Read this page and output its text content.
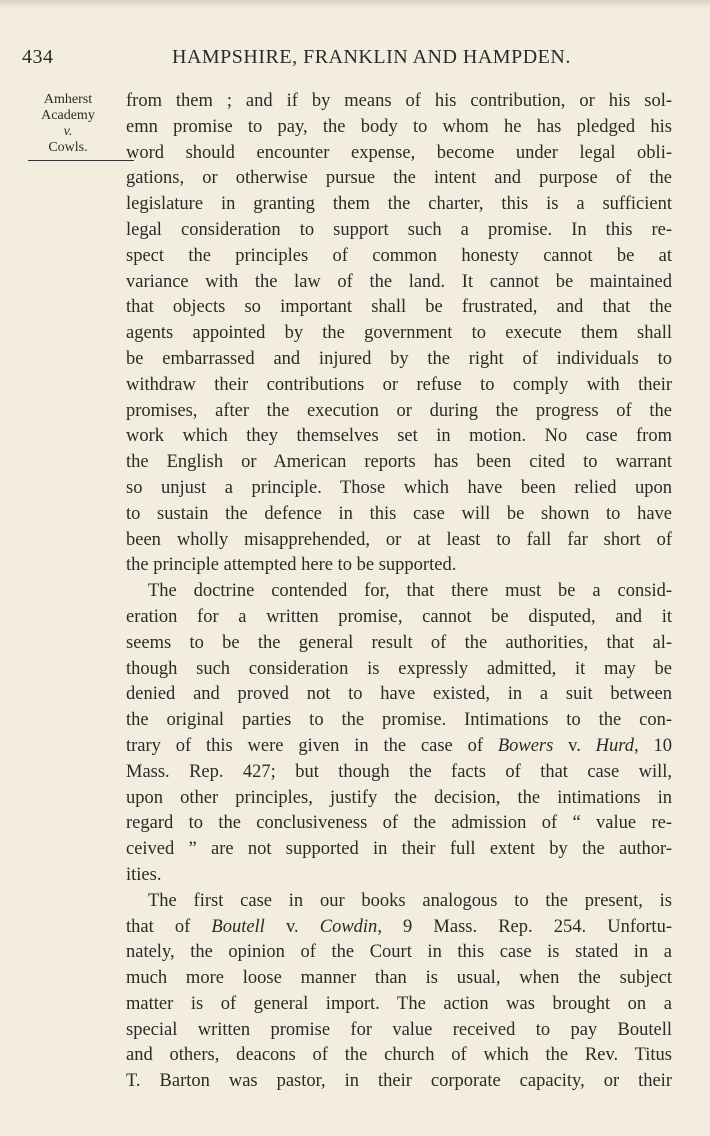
434	HAMPSHIRE, FRANKLIN AND HAMPDEN.
Amherst
Academy
v.
Cowls.
from them ; and if by means of his contribution, or his sol-
emn promise to pay, the body to whom he has pledged his
word should encounter expense, become under legal obli-
gations, or otherwise pursue the intent and purpose of the
legislature in granting them the charter, this is a sufficient
legal consideration to support such a promise. In this re-
spect the principles of common honesty cannot be at
variance with the law of the land. It cannot be maintained
that objects so important shall be frustrated, and that the
agents appointed by the government to execute them shall
be embarrassed and injured by the right of individuals to
withdraw their contributions or refuse to comply with their
promises, after the execution or during the progress of the
work which they themselves set in motion. No case from
the English or American reports has been cited to warrant
so unjust a principle. Those which have been relied upon
to sustain the defence in this case will be shown to have
been wholly misapprehended, or at least to fall far short of
the principle attempted here to be supported.
The doctrine contended for, that there must be a consid-
eration for a written promise, cannot be disputed, and it
seems to be the general result of the authorities, that al-
though such consideration is expressly admitted, it may be
denied and proved not to have existed, in a suit between
the original parties to the promise. Intimations to the con-
trary of this were given in the case of Bowers v. Hurd, 10
Mass. Rep. 427; but though the facts of that case will,
upon other principles, justify the decision, the intimations in
regard to the conclusiveness of the admission of “ value re-
ceived ” are not supported in their full extent by the author-
ities.
The first case in our books analogous to the present, is
that of Boutell v. Cowdin, 9 Mass. Rep. 254. Unfortu-
nately, the opinion of the Court in this case is stated in a
much more loose manner than is usual, when the subject
matter is of general import. The action was brought on a
special written promise for value received to pay Boutell
and others, deacons of the church of which the Rev. Titus
T. Barton was pastor, in their corporate capacity, or their
